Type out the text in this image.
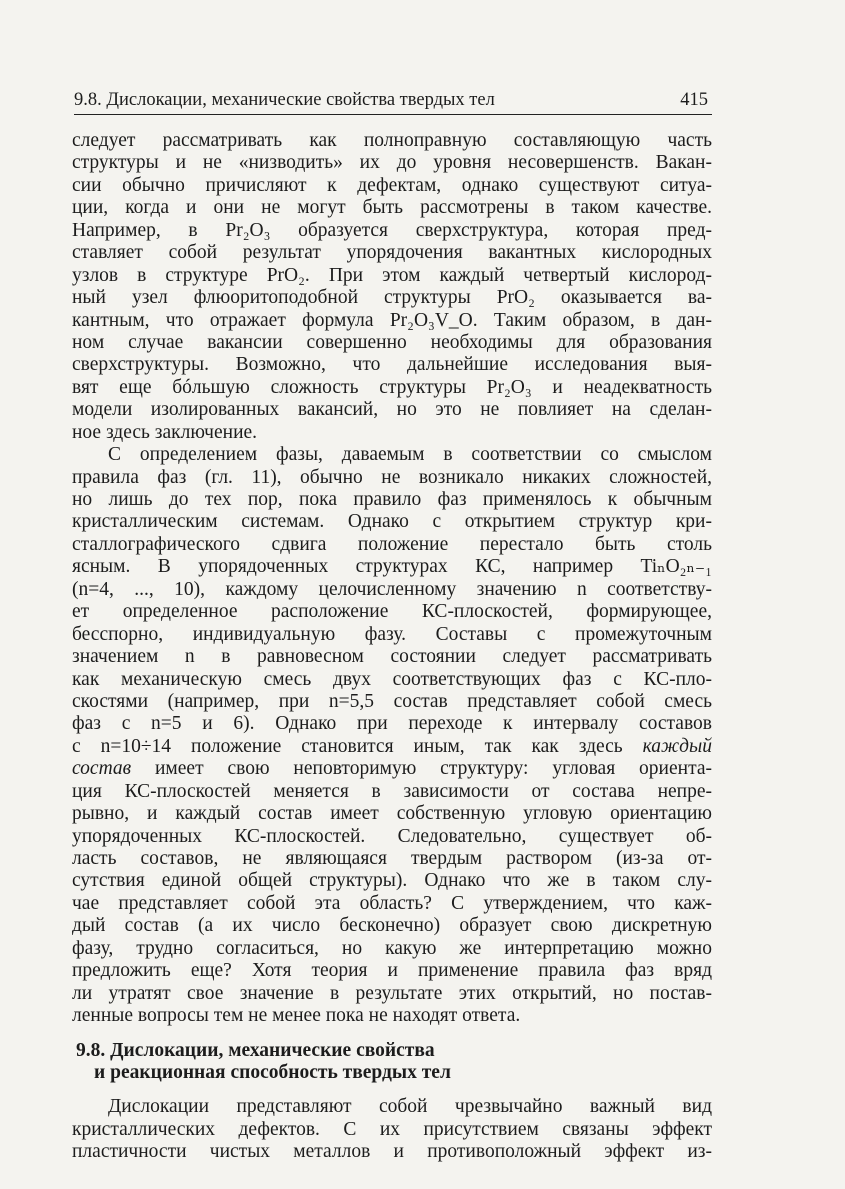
9.8. Дислокации, механические свойства твердых тел	415
следует рассматривать как полноправную составляющую часть
структуры и не «низводить» их до уровня несовершенств. Вакан-
сии обычно причисляют к дефектам, однако существуют ситуа-
ции, когда и они не могут быть рассмотрены в таком качестве.
Например, в Pr₂O₃ образуется сверхструктура, которая пред-
ставляет собой результат упорядочения вакантных кислородных
узлов в структуре PrO₂. При этом каждый четвертый кислород-
ный узел флюоритоподобной структуры PrO₂ оказывается ва-
кантным, что отражает формула Pr₂O₃V_O. Таким образом, в дан-
ном случае вакансии совершенно необходимы для образования
сверхструктуры. Возможно, что дальнейшие исследования выя-
вят еще бóльшую сложность структуры Pr₂O₃ и неадекватность
модели изолированных вакансий, но это не повлияет на сделан-
ное здесь заключение.
С определением фазы, даваемым в соответствии со смыслом
правила фаз (гл. 11), обычно не возникало никаких сложностей,
но лишь до тех пор, пока правило фаз применялось к обычным
кристаллическим системам. Однако с открытием структур кри-
сталлографического сдвига положение перестало быть столь
ясным. В упорядоченных структурах КС, например TiₙO₂ₙ₋₁
(n=4, ..., 10), каждому целочисленному значению n соответству-
ет определенное расположение КС-плоскостей, формирующее,
бесспорно, индивидуальную фазу. Составы с промежуточным
значением n в равновесном состоянии следует рассматривать
как механическую смесь двух соответствующих фаз с КС-пло-
скостями (например, при n=5,5 состав представляет собой смесь
фаз с n=5 и 6). Однако при переходе к интервалу составов
с n=10÷14 положение становится иным, так как здесь каждый
состав имеет свою неповторимую структуру: угловая ориента-
ция КС-плоскостей меняется в зависимости от состава непре-
рывно, и каждый состав имеет собственную угловую ориентацию
упорядоченных КС-плоскостей. Следовательно, существует об-
ласть составов, не являющаяся твердым раствором (из-за от-
сутствия единой общей структуры). Однако что же в таком слу-
чае представляет собой эта область? С утверждением, что каж-
дый состав (а их число бесконечно) образует свою дискретную
фазу, трудно согласиться, но какую же интерпретацию можно
предложить еще? Хотя теория и применение правила фаз вряд
ли утратят свое значение в результате этих открытий, но постав-
ленные вопросы тем не менее пока не находят ответа.
9.8. Дислокации, механические свойства
и реакционная способность твердых тел
Дислокации представляют собой чрезвычайно важный вид
кристаллических дефектов. С их присутствием связаны эффект
пластичности чистых металлов и противоположный эффект из-
